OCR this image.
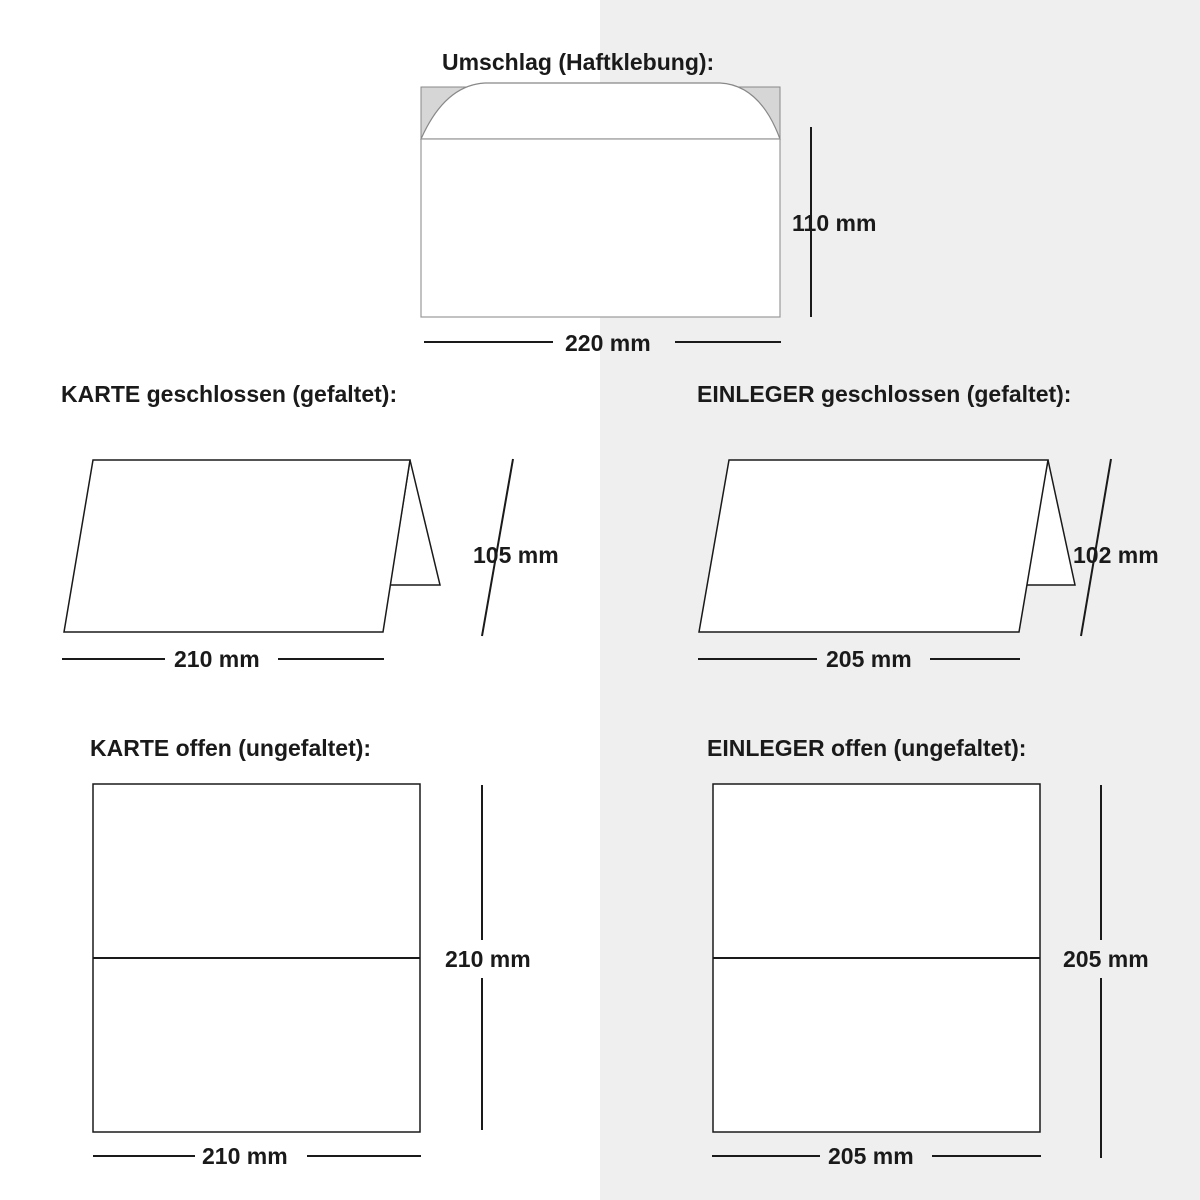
Umschlag (Haftklebung):
KARTE geschlossen (gefaltet):	EINLEGER geschlossen (gefaltet):
KARTE offen (ungefaltet):	EINLEGER offen (ungefaltet):
110 mm
220 mm
105 mm
210 mm
102 mm
205 mm
210 mm
210 mm
205 mm
205 mm
